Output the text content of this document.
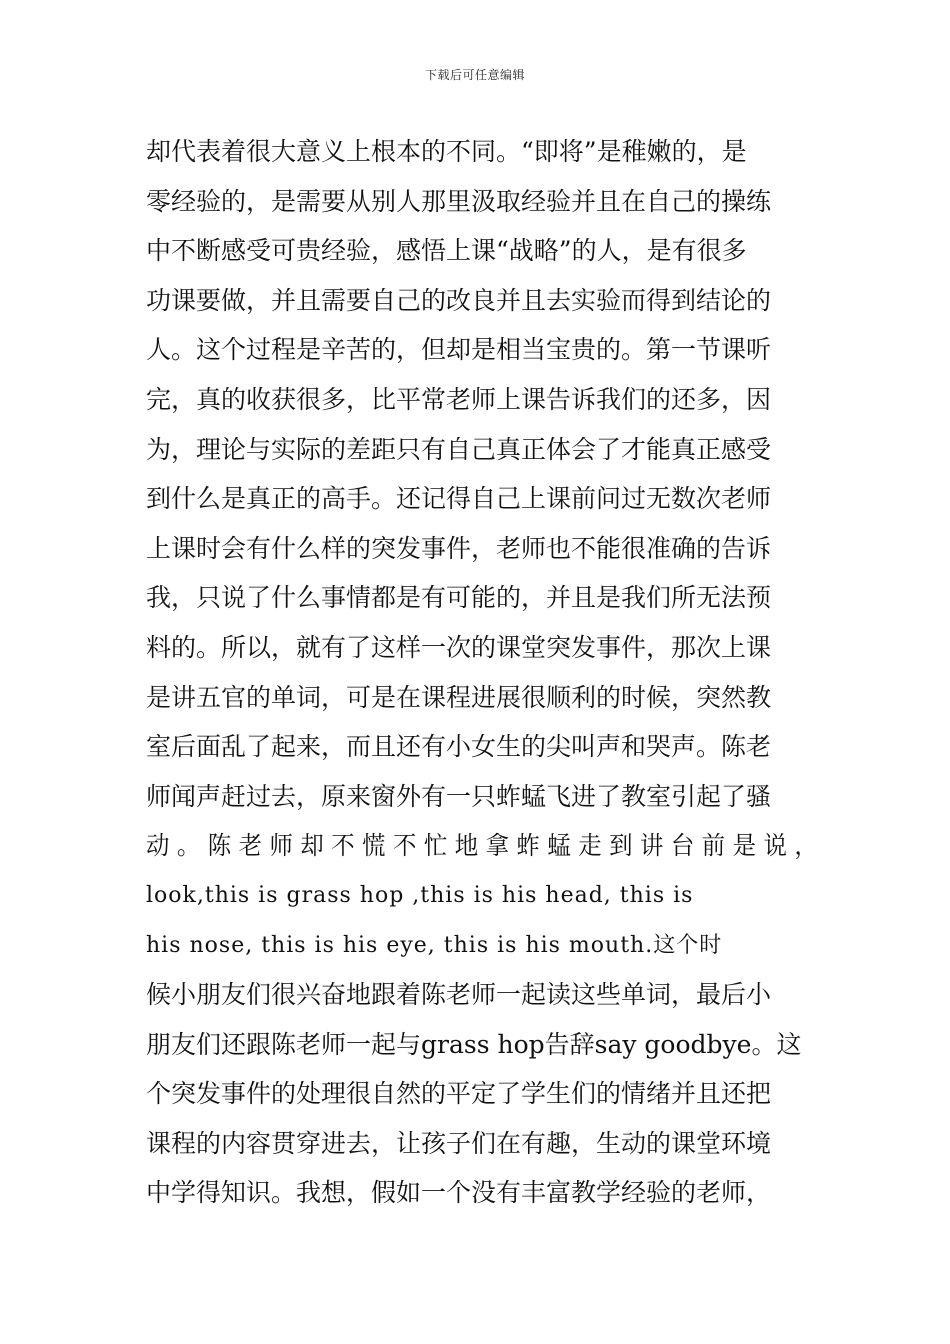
下载后可任意编辑
却代表着很大意义上根本的不同。“即将”是稚嫩的，是
零经验的，是需要从别人那里汲取经验并且在自己的操练
中不断感受可贵经验，感悟上课“战略”的人，是有很多
功课要做，并且需要自己的改良并且去实验而得到结论的
人。这个过程是辛苦的，但却是相当宝贵的。第一节课听
完，真的收获很多，比平常老师上课告诉我们的还多，因
为，理论与实际的差距只有自己真正体会了才能真正感受
到什么是真正的高手。还记得自己上课前问过无数次老师
上课时会有什么样的突发事件，老师也不能很准确的告诉
我，只说了什么事情都是有可能的，并且是我们所无法预
料的。所以，就有了这样一次的课堂突发事件，那次上课
是讲五官的单词，可是在课程进展很顺利的时候，突然教
室后面乱了起来，而且还有小女生的尖叫声和哭声。陈老
师闻声赶过去，原来窗外有一只蚱蜢飞进了教室引起了骚
动 。 陈 老 师 却 不 慌 不 忙 地 拿 蚱 蜢 走 到 讲 台 前 是 说 ，
look,this is grass hop ,this is his head, this is
his nose, this is his eye, this is his mouth.这个时
候小朋友们很兴奋地跟着陈老师一起读这些单词，最后小
朋友们还跟陈老师一起与grass hop告辞say goodbye。这
个突发事件的处理很自然的平定了学生们的情绪并且还把
课程的内容贯穿进去，让孩子们在有趣，生动的课堂环境
中学得知识。我想，假如一个没有丰富教学经验的老师，
